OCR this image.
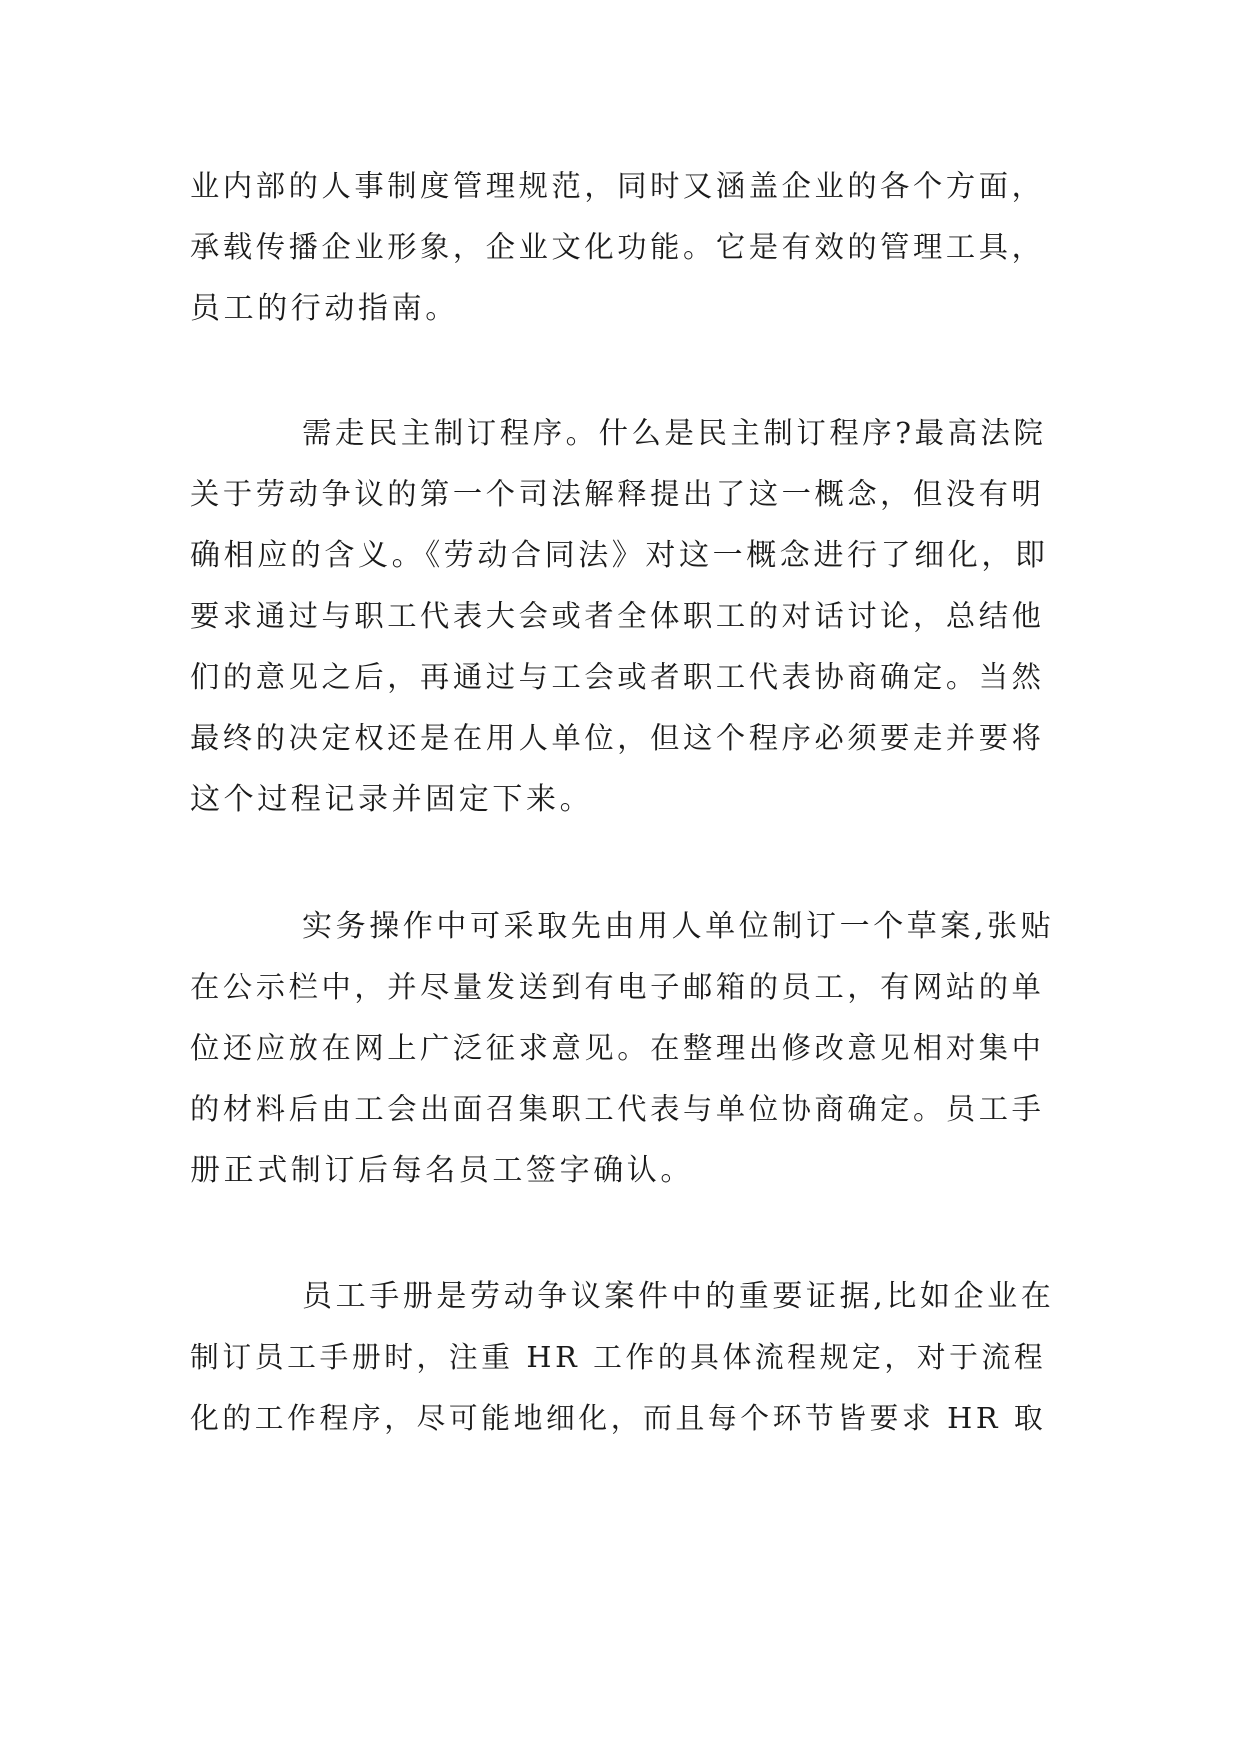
业内部的人事制度管理规范，同时又涵盖企业的各个方面，
承载传播企业形象，企业文化功能。它是有效的管理工具，
员工的行动指南。
需走民主制订程序。什么是民主制订程序?最高法院
关于劳动争议的第一个司法解释提出了这一概念，但没有明
确相应的含义。《劳动合同法》对这一概念进行了细化，即
要求通过与职工代表大会或者全体职工的对话讨论，总结他
们的意见之后，再通过与工会或者职工代表协商确定。当然
最终的决定权还是在用人单位，但这个程序必须要走并要将
这个过程记录并固定下来。
实务操作中可采取先由用人单位制订一个草案,张贴
在公示栏中，并尽量发送到有电子邮箱的员工，有网站的单
位还应放在网上广泛征求意见。在整理出修改意见相对集中
的材料后由工会出面召集职工代表与单位协商确定。员工手
册正式制订后每名员工签字确认。
员工手册是劳动争议案件中的重要证据,比如企业在
制订员工手册时，注重 HR 工作的具体流程规定，对于流程
化的工作程序，尽可能地细化，而且每个环节皆要求 HR 取
